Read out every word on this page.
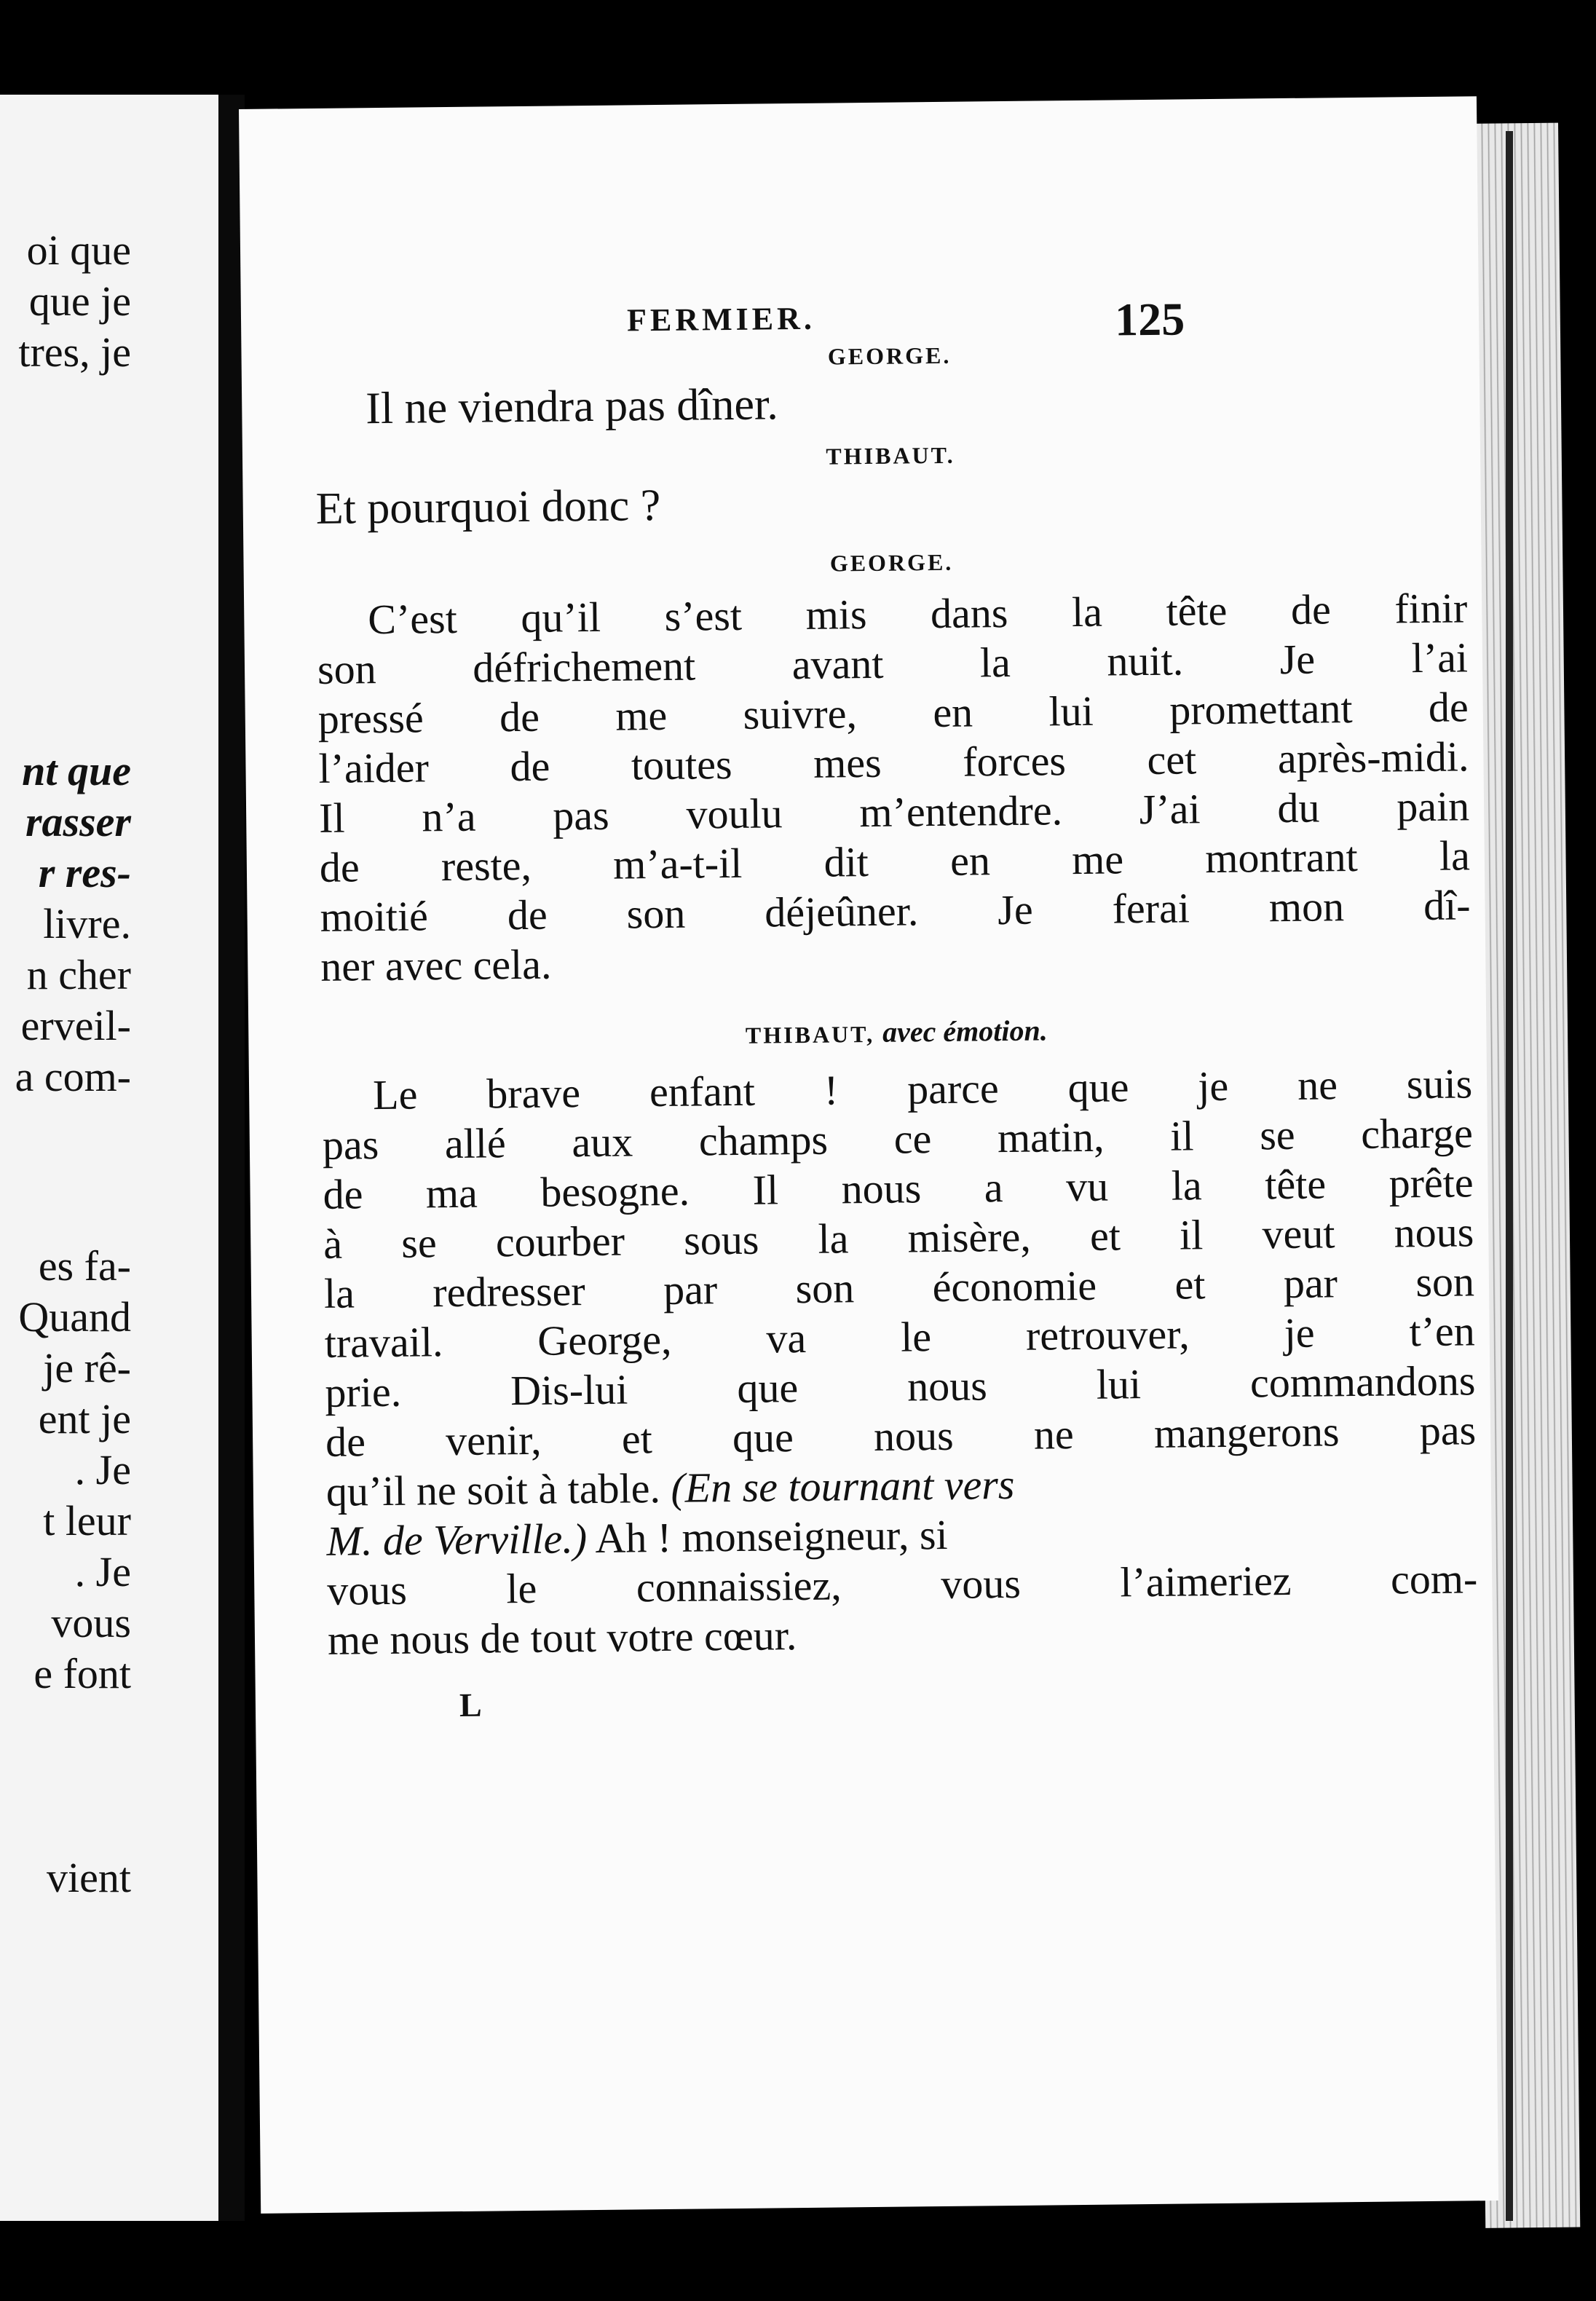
oi que
que je
tres, je
nt que
rasser
r res-
livre.
n cher
erveil-
a com-
es fa-
Quand
je rê-
ent je
. Je
t leur
. Je
vous
e font
vient
FERMIER.	125

GEORGE.

Il ne viendra pas dîner.

THIBAUT.

Et pourquoi donc ?

GEORGE.

C’est qu’il s’est mis dans la tête de finir

son défrichement avant la nuit. Je l’ai

pressé de me suivre, en lui promettant de

l’aider de toutes mes forces cet après-midi.

Il n’a pas voulu m’entendre. J’ai du pain

de reste, m’a-t-il dit en me montrant la

moitié de son déjeûner. Je ferai mon dî-

ner avec cela.

THIBAUT, avec émotion.

Le brave enfant ! parce que je ne suis

pas allé aux champs ce matin, il se charge

de ma besogne. Il nous a vu la tête prête

à se courber sous la misère, et il veut nous

la redresser par son économie et par son

travail. George, va le retrouver, je t’en

prie. Dis-lui que nous lui commandons

de venir, et que nous ne mangerons pas

qu’il ne soit à table. (En se tournant vers

M. de Verville.) Ah ! monseigneur, si

vous le connaissiez, vous l’aimeriez com-

me nous de tout votre cœur.

L
